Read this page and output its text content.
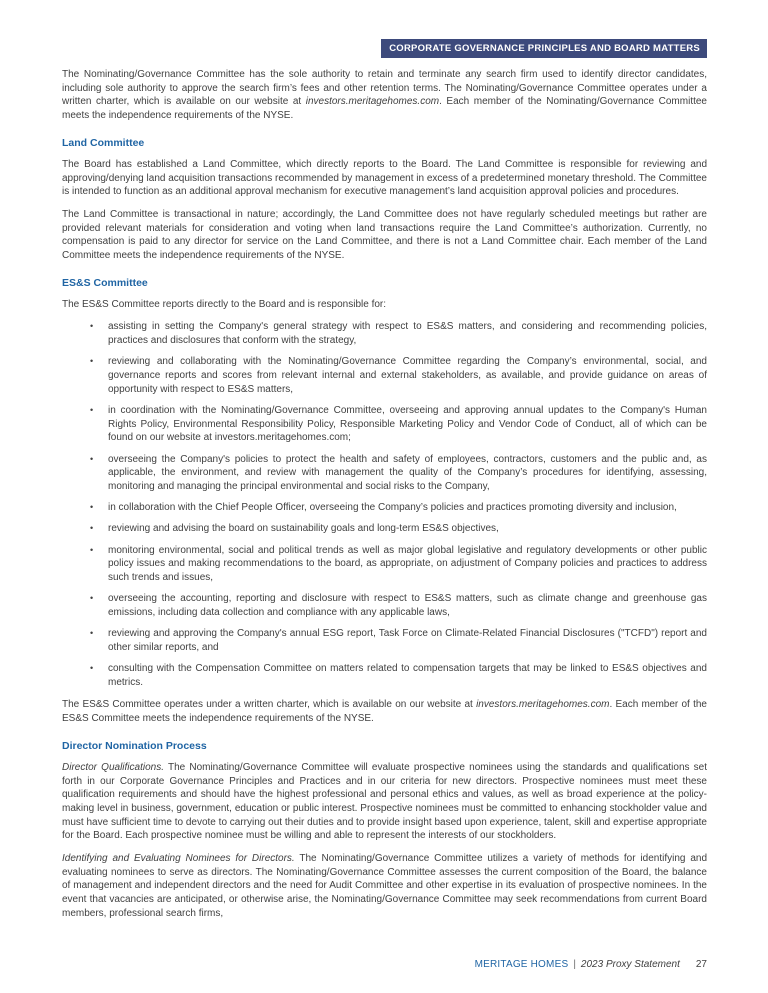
CORPORATE GOVERNANCE PRINCIPLES AND BOARD MATTERS

The Nominating/Governance Committee has the sole authority to retain and terminate any search firm used to identify director candidates, including sole authority to approve the search firm’s fees and other retention terms. The Nominating/Governance Committee operates under a written charter, which is available on our website at investors.meritagehomes.com. Each member of the Nominating/Governance Committee meets the independence requirements of the NYSE.

Land Committee

The Board has established a Land Committee, which directly reports to the Board. The Land Committee is responsible for reviewing and approving/denying land acquisition transactions recommended by management in excess of a predetermined monetary threshold. The Committee is intended to function as an additional approval mechanism for executive management’s land acquisition approval policies and procedures.

The Land Committee is transactional in nature; accordingly, the Land Committee does not have regularly scheduled meetings but rather are provided relevant materials for consideration and voting when land transactions require the Land Committee’s authorization. Currently, no compensation is paid to any director for service on the Land Committee, and there is not a Land Committee chair. Each member of the Land Committee meets the independence requirements of the NYSE.

ES&S Committee

The ES&S Committee reports directly to the Board and is responsible for:

• assisting in setting the Company's general strategy with respect to ES&S matters, and considering and recommending policies, practices and disclosures that conform with the strategy,
• reviewing and collaborating with the Nominating/Governance Committee regarding the Company’s environmental, social, and governance reports and scores from relevant internal and external stakeholders, as available, and provide guidance on areas of opportunity with respect to ES&S matters,
• in coordination with the Nominating/Governance Committee, overseeing and approving annual updates to the Company's Human Rights Policy, Environmental Responsibility Policy, Responsible Marketing Policy and Vendor Code of Conduct, all of which can be found on our website at investors.meritagehomes.com;
• overseeing the Company's policies to protect the health and safety of employees, contractors, customers and the public and, as applicable, the environment, and review with management the quality of the Company’s procedures for identifying, assessing, monitoring and managing the principal environmental and social risks to the Company,
• in collaboration with the Chief People Officer, overseeing the Company’s policies and practices promoting diversity and inclusion,
• reviewing and advising the board on sustainability goals and long-term ES&S objectives,
• monitoring environmental, social and political trends as well as major global legislative and regulatory developments or other public policy issues and making recommendations to the board, as appropriate, on adjustment of Company policies and practices to address such trends and issues,
• overseeing the accounting, reporting and disclosure with respect to ES&S matters, such as climate change and greenhouse gas emissions, including data collection and compliance with any applicable laws,
• reviewing and approving the Company's annual ESG report, Task Force on Climate-Related Financial Disclosures ("TCFD") report and other similar reports, and
• consulting with the Compensation Committee on matters related to compensation targets that may be linked to ES&S objectives and metrics.

The ES&S Committee operates under a written charter, which is available on our website at investors.meritagehomes.com. Each member of the ES&S Committee meets the independence requirements of the NYSE.

Director Nomination Process

Director Qualifications. The Nominating/Governance Committee will evaluate prospective nominees using the standards and qualifications set forth in our Corporate Governance Principles and Practices and in our criteria for new directors. Prospective nominees must meet these qualification requirements and should have the highest professional and personal ethics and values, as well as broad experience at the policy-making level in business, government, education or public interest. Prospective nominees must be committed to enhancing stockholder value and must have sufficient time to devote to carrying out their duties and to provide insight based upon experience, talent, skill and expertise appropriate for the Board. Each prospective nominee must be willing and able to represent the interests of our stockholders.

Identifying and Evaluating Nominees for Directors. The Nominating/Governance Committee utilizes a variety of methods for identifying and evaluating nominees to serve as directors. The Nominating/Governance Committee assesses the current composition of the Board, the balance of management and independent directors and the need for Audit Committee and other expertise in its evaluation of prospective nominees. In the event that vacancies are anticipated, or otherwise arise, the Nominating/Governance Committee may seek recommendations from current Board members, professional search firms,

MERITAGE HOMES | 2023 Proxy Statement 27
